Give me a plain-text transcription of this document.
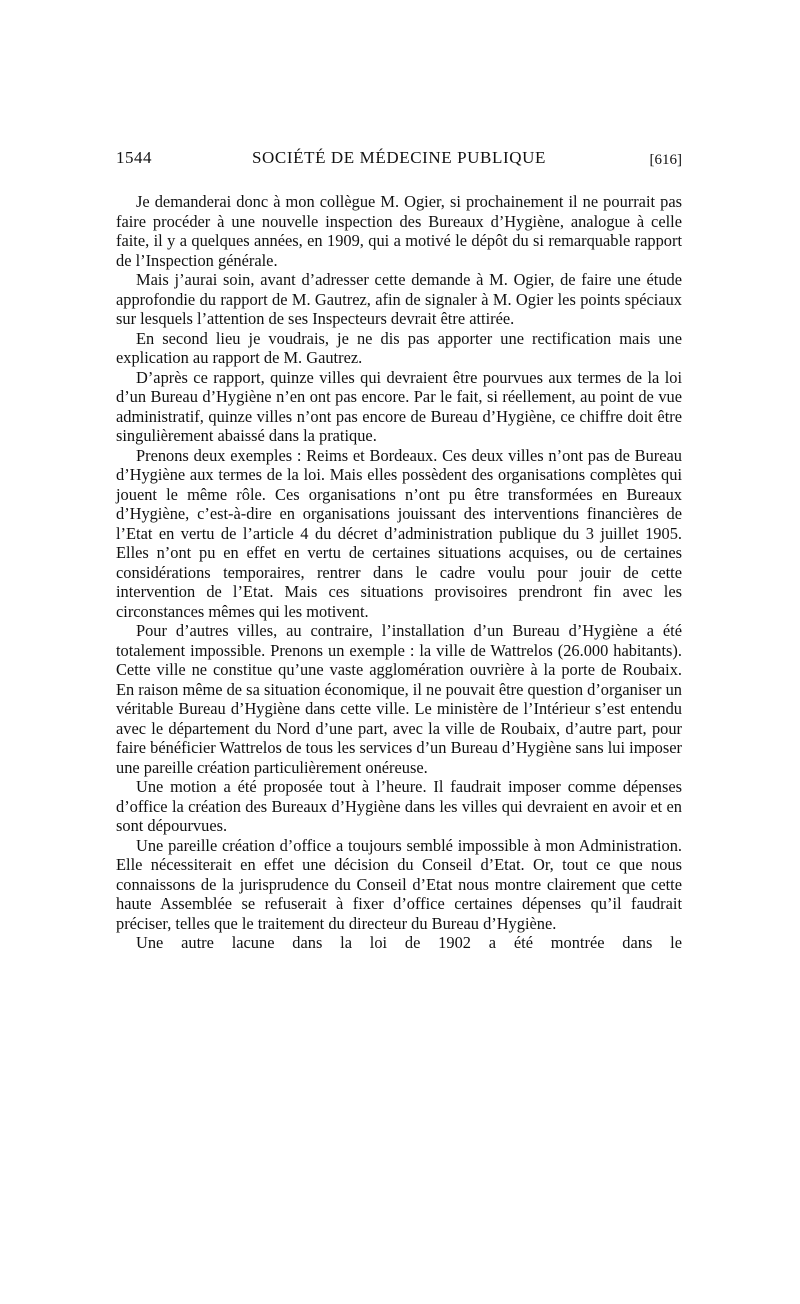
1544	SOCIÉTÉ DE MÉDECINE PUBLIQUE	[616]

Je demanderai donc à mon collègue M. Ogier, si prochainement il ne pourrait pas faire procéder à une nouvelle inspection des Bureaux d’Hygiène, analogue à celle faite, il y a quelques années, en 1909, qui a motivé le dépôt du si remarquable rapport de l’Inspection générale.

Mais j’aurai soin, avant d’adresser cette demande à M. Ogier, de faire une étude approfondie du rapport de M. Gautrez, afin de signaler à M. Ogier les points spéciaux sur lesquels l’attention de ses Inspecteurs devrait être attirée.

En second lieu je voudrais, je ne dis pas apporter une rectification mais une explication au rapport de M. Gautrez.

D’après ce rapport, quinze villes qui devraient être pourvues aux termes de la loi d’un Bureau d’Hygiène n’en ont pas encore. Par le fait, si réellement, au point de vue administratif, quinze villes n’ont pas encore de Bureau d’Hygiène, ce chiffre doit être singulièrement abaissé dans la pratique.

Prenons deux exemples : Reims et Bordeaux. Ces deux villes n’ont pas de Bureau d’Hygiène aux termes de la loi. Mais elles possèdent des organisations complètes qui jouent le même rôle. Ces organisations n’ont pu être transformées en Bureaux d’Hygiène, c’est-à-dire en organisations jouissant des interventions financières de l’Etat en vertu de l’article 4 du décret d’administration publique du 3 juillet 1905. Elles n’ont pu en effet en vertu de certaines situations acquises, ou de certaines considérations temporaires, rentrer dans le cadre voulu pour jouir de cette intervention de l’Etat. Mais ces situations provisoires prendront fin avec les circonstances mêmes qui les motivent.

Pour d’autres villes, au contraire, l’installation d’un Bureau d’Hygiène a été totalement impossible. Prenons un exemple : la ville de Wattrelos (26.000 habitants). Cette ville ne constitue qu’une vaste agglomération ouvrière à la porte de Roubaix. En raison même de sa situation économique, il ne pouvait être question d’organiser un véritable Bureau d’Hygiène dans cette ville. Le ministère de l’Intérieur s’est entendu avec le département du Nord d’une part, avec la ville de Roubaix, d’autre part, pour faire bénéficier Wattrelos de tous les services d’un Bureau d’Hygiène sans lui imposer une pareille création particulièrement onéreuse.

Une motion a été proposée tout à l’heure. Il faudrait imposer comme dépenses d’office la création des Bureaux d’Hygiène dans les villes qui devraient en avoir et en sont dépourvues.

Une pareille création d’office a toujours semblé impossible à mon Administration. Elle nécessiterait en effet une décision du Conseil d’Etat. Or, tout ce que nous connaissons de la jurisprudence du Conseil d’Etat nous montre clairement que cette haute Assemblée se refuserait à fixer d’office certaines dépenses qu’il faudrait préciser, telles que le traitement du directeur du Bureau d’Hygiène.

Une autre lacune dans la loi de 1902 a été montrée dans le
